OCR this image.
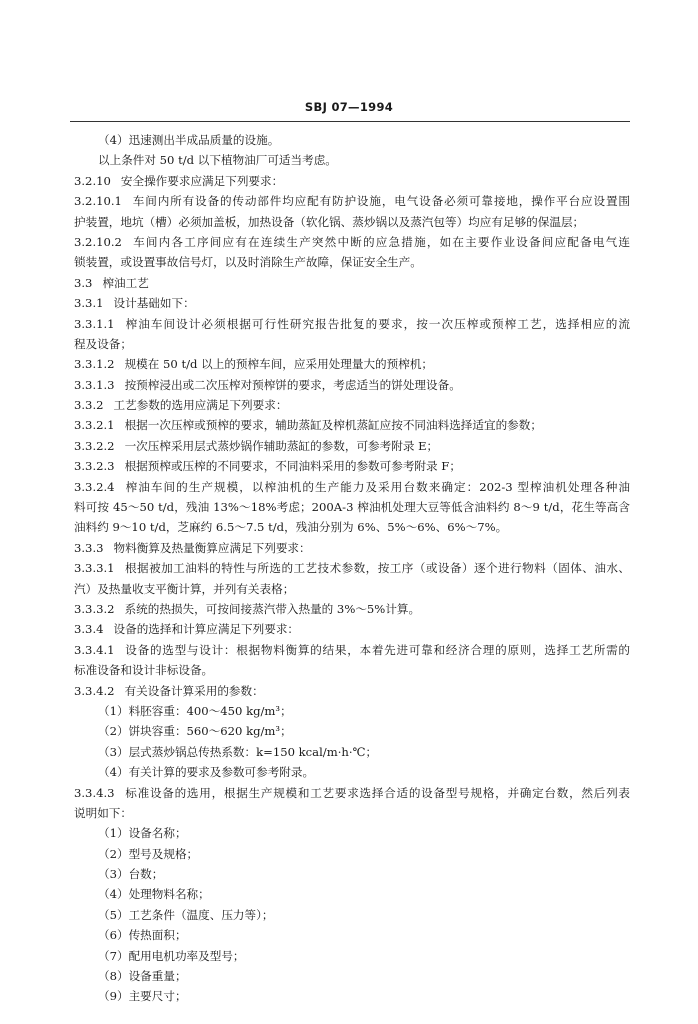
SBJ 07—1994
（4）迅速测出半成品质量的设施。
以上条件对 50 t/d 以下植物油厂可适当考虑。
3.2.10 安全操作要求应满足下列要求：
3.2.10.1 车间内所有设备的传动部件均应配有防护设施，电气设备必须可靠接地，操作平台应设置围
护装置，地坑（槽）必须加盖板，加热设备（软化锅、蒸炒锅以及蒸汽包等）均应有足够的保温层；
3.2.10.2 车间内各工序间应有在连续生产突然中断的应急措施，如在主要作业设备间应配备电气连
锁装置，或设置事故信号灯，以及时消除生产故障，保证安全生产。
3.3 榨油工艺
3.3.1 设计基础如下：
3.3.1.1 榨油车间设计必须根据可行性研究报告批复的要求，按一次压榨或预榨工艺，选择相应的流
程及设备；
3.3.1.2 规模在 50 t/d 以上的预榨车间，应采用处理量大的预榨机；
3.3.1.3 按预榨浸出或二次压榨对预榨饼的要求，考虑适当的饼处理设备。
3.3.2 工艺参数的选用应满足下列要求：
3.3.2.1 根据一次压榨或预榨的要求，辅助蒸缸及榨机蒸缸应按不同油料选择适宜的参数；
3.3.2.2 一次压榨采用层式蒸炒锅作辅助蒸缸的参数，可参考附录 E；
3.3.2.3 根据预榨或压榨的不同要求，不同油料采用的参数可参考附录 F；
3.3.2.4 榨油车间的生产规模，以榨油机的生产能力及采用台数来确定：202-3 型榨油机处理各种油
料可按 45～50 t/d，残油 13%～18%考虑；200A-3 榨油机处理大豆等低含油料约 8～9 t/d，花生等高含
油料约 9～10 t/d，芝麻约 6.5～7.5 t/d，残油分别为 6%、5%～6%、6%～7%。
3.3.3 物料衡算及热量衡算应满足下列要求：
3.3.3.1 根据被加工油料的特性与所选的工艺技术参数，按工序（或设备）逐个进行物料（固体、油水、
汽）及热量收支平衡计算，并列有关表格；
3.3.3.2 系统的热损失，可按间接蒸汽带入热量的 3%～5%计算。
3.3.4 设备的选择和计算应满足下列要求：
3.3.4.1 设备的选型与设计：根据物料衡算的结果，本着先进可靠和经济合理的原则，选择工艺所需的
标准设备和设计非标设备。
3.3.4.2 有关设备计算采用的参数：
（1）料胚容重：400～450 kg/m³；
（2）饼块容重：560～620 kg/m³；
（3）层式蒸炒锅总传热系数：k=150 kcal/m·h·℃；
（4）有关计算的要求及参数可参考附录。
3.3.4.3 标准设备的选用，根据生产规模和工艺要求选择合适的设备型号规格，并确定台数，然后列表
说明如下：
（1）设备名称；
（2）型号及规格；
（3）台数；
（4）处理物料名称；
（5）工艺条件（温度、压力等）；
（6）传热面积；
（7）配用电机功率及型号；
（8）设备重量；
（9）主要尺寸；
